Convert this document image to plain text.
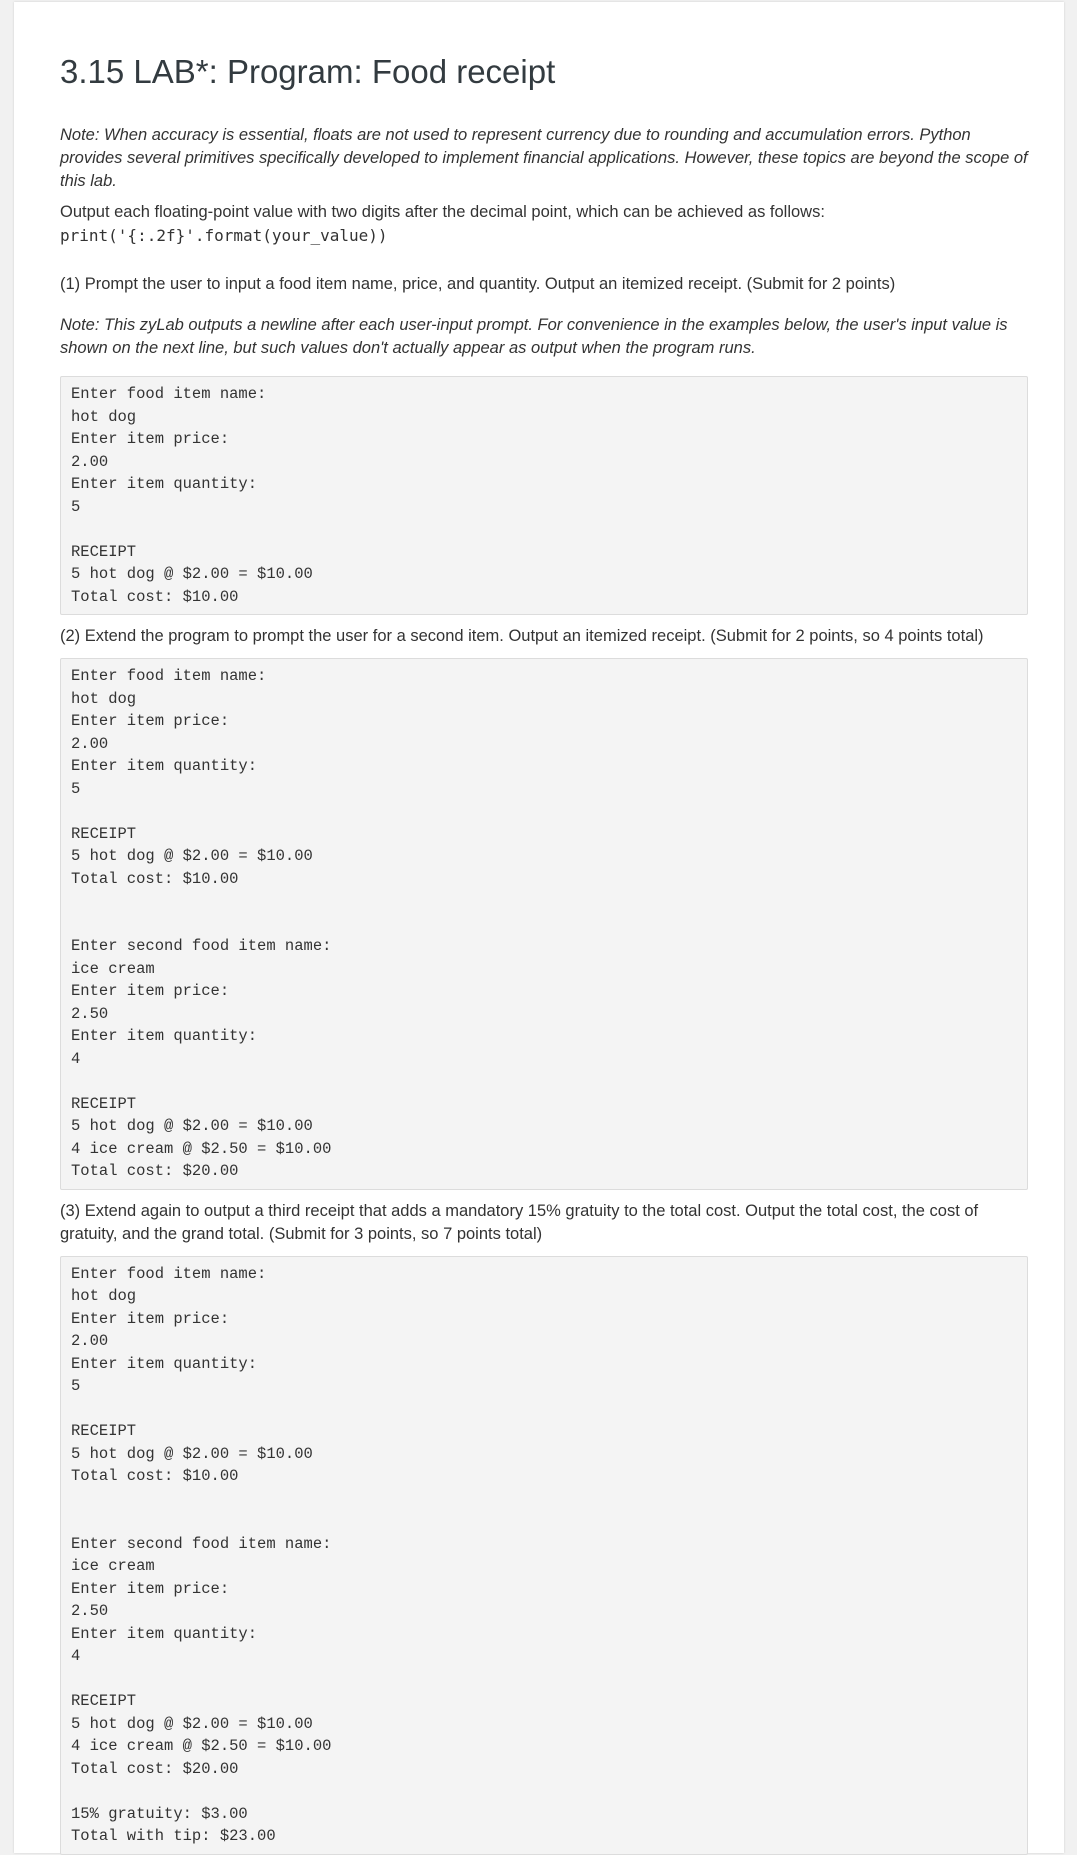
3.15 LAB*: Program: Food receipt

Note: When accuracy is essential, floats are not used to represent currency due to rounding and accumulation errors. Python provides several primitives specifically developed to implement financial applications. However, these topics are beyond the scope of this lab.

Output each floating-point value with two digits after the decimal point, which can be achieved as follows:

print('{:.2f}'.format(your_value))

(1) Prompt the user to input a food item name, price, and quantity. Output an itemized receipt. (Submit for 2 points)

Note: This zyLab outputs a newline after each user-input prompt. For convenience in the examples below, the user's input value is shown on the next line, but such values don't actually appear as output when the program runs.

Enter food item name:
hot dog
Enter item price:
2.00
Enter item quantity:
5

RECEIPT
5 hot dog @ $2.00 = $10.00
Total cost: $10.00

(2) Extend the program to prompt the user for a second item. Output an itemized receipt. (Submit for 2 points, so 4 points total)

Enter food item name:
hot dog
Enter item price:
2.00
Enter item quantity:
5

RECEIPT
5 hot dog @ $2.00 = $10.00
Total cost: $10.00

Enter second food item name:
ice cream
Enter item price:
2.50
Enter item quantity:
4

RECEIPT
5 hot dog @ $2.00 = $10.00
4 ice cream @ $2.50 = $10.00
Total cost: $20.00

(3) Extend again to output a third receipt that adds a mandatory 15% gratuity to the total cost. Output the total cost, the cost of gratuity, and the grand total. (Submit for 3 points, so 7 points total)

Enter food item name:
hot dog
Enter item price:
2.00
Enter item quantity:
5

RECEIPT
5 hot dog @ $2.00 = $10.00
Total cost: $10.00

Enter second food item name:
ice cream
Enter item price:
2.50
Enter item quantity:
4

RECEIPT
5 hot dog @ $2.00 = $10.00
4 ice cream @ $2.50 = $10.00
Total cost: $20.00

15% gratuity: $3.00
Total with tip: $23.00
